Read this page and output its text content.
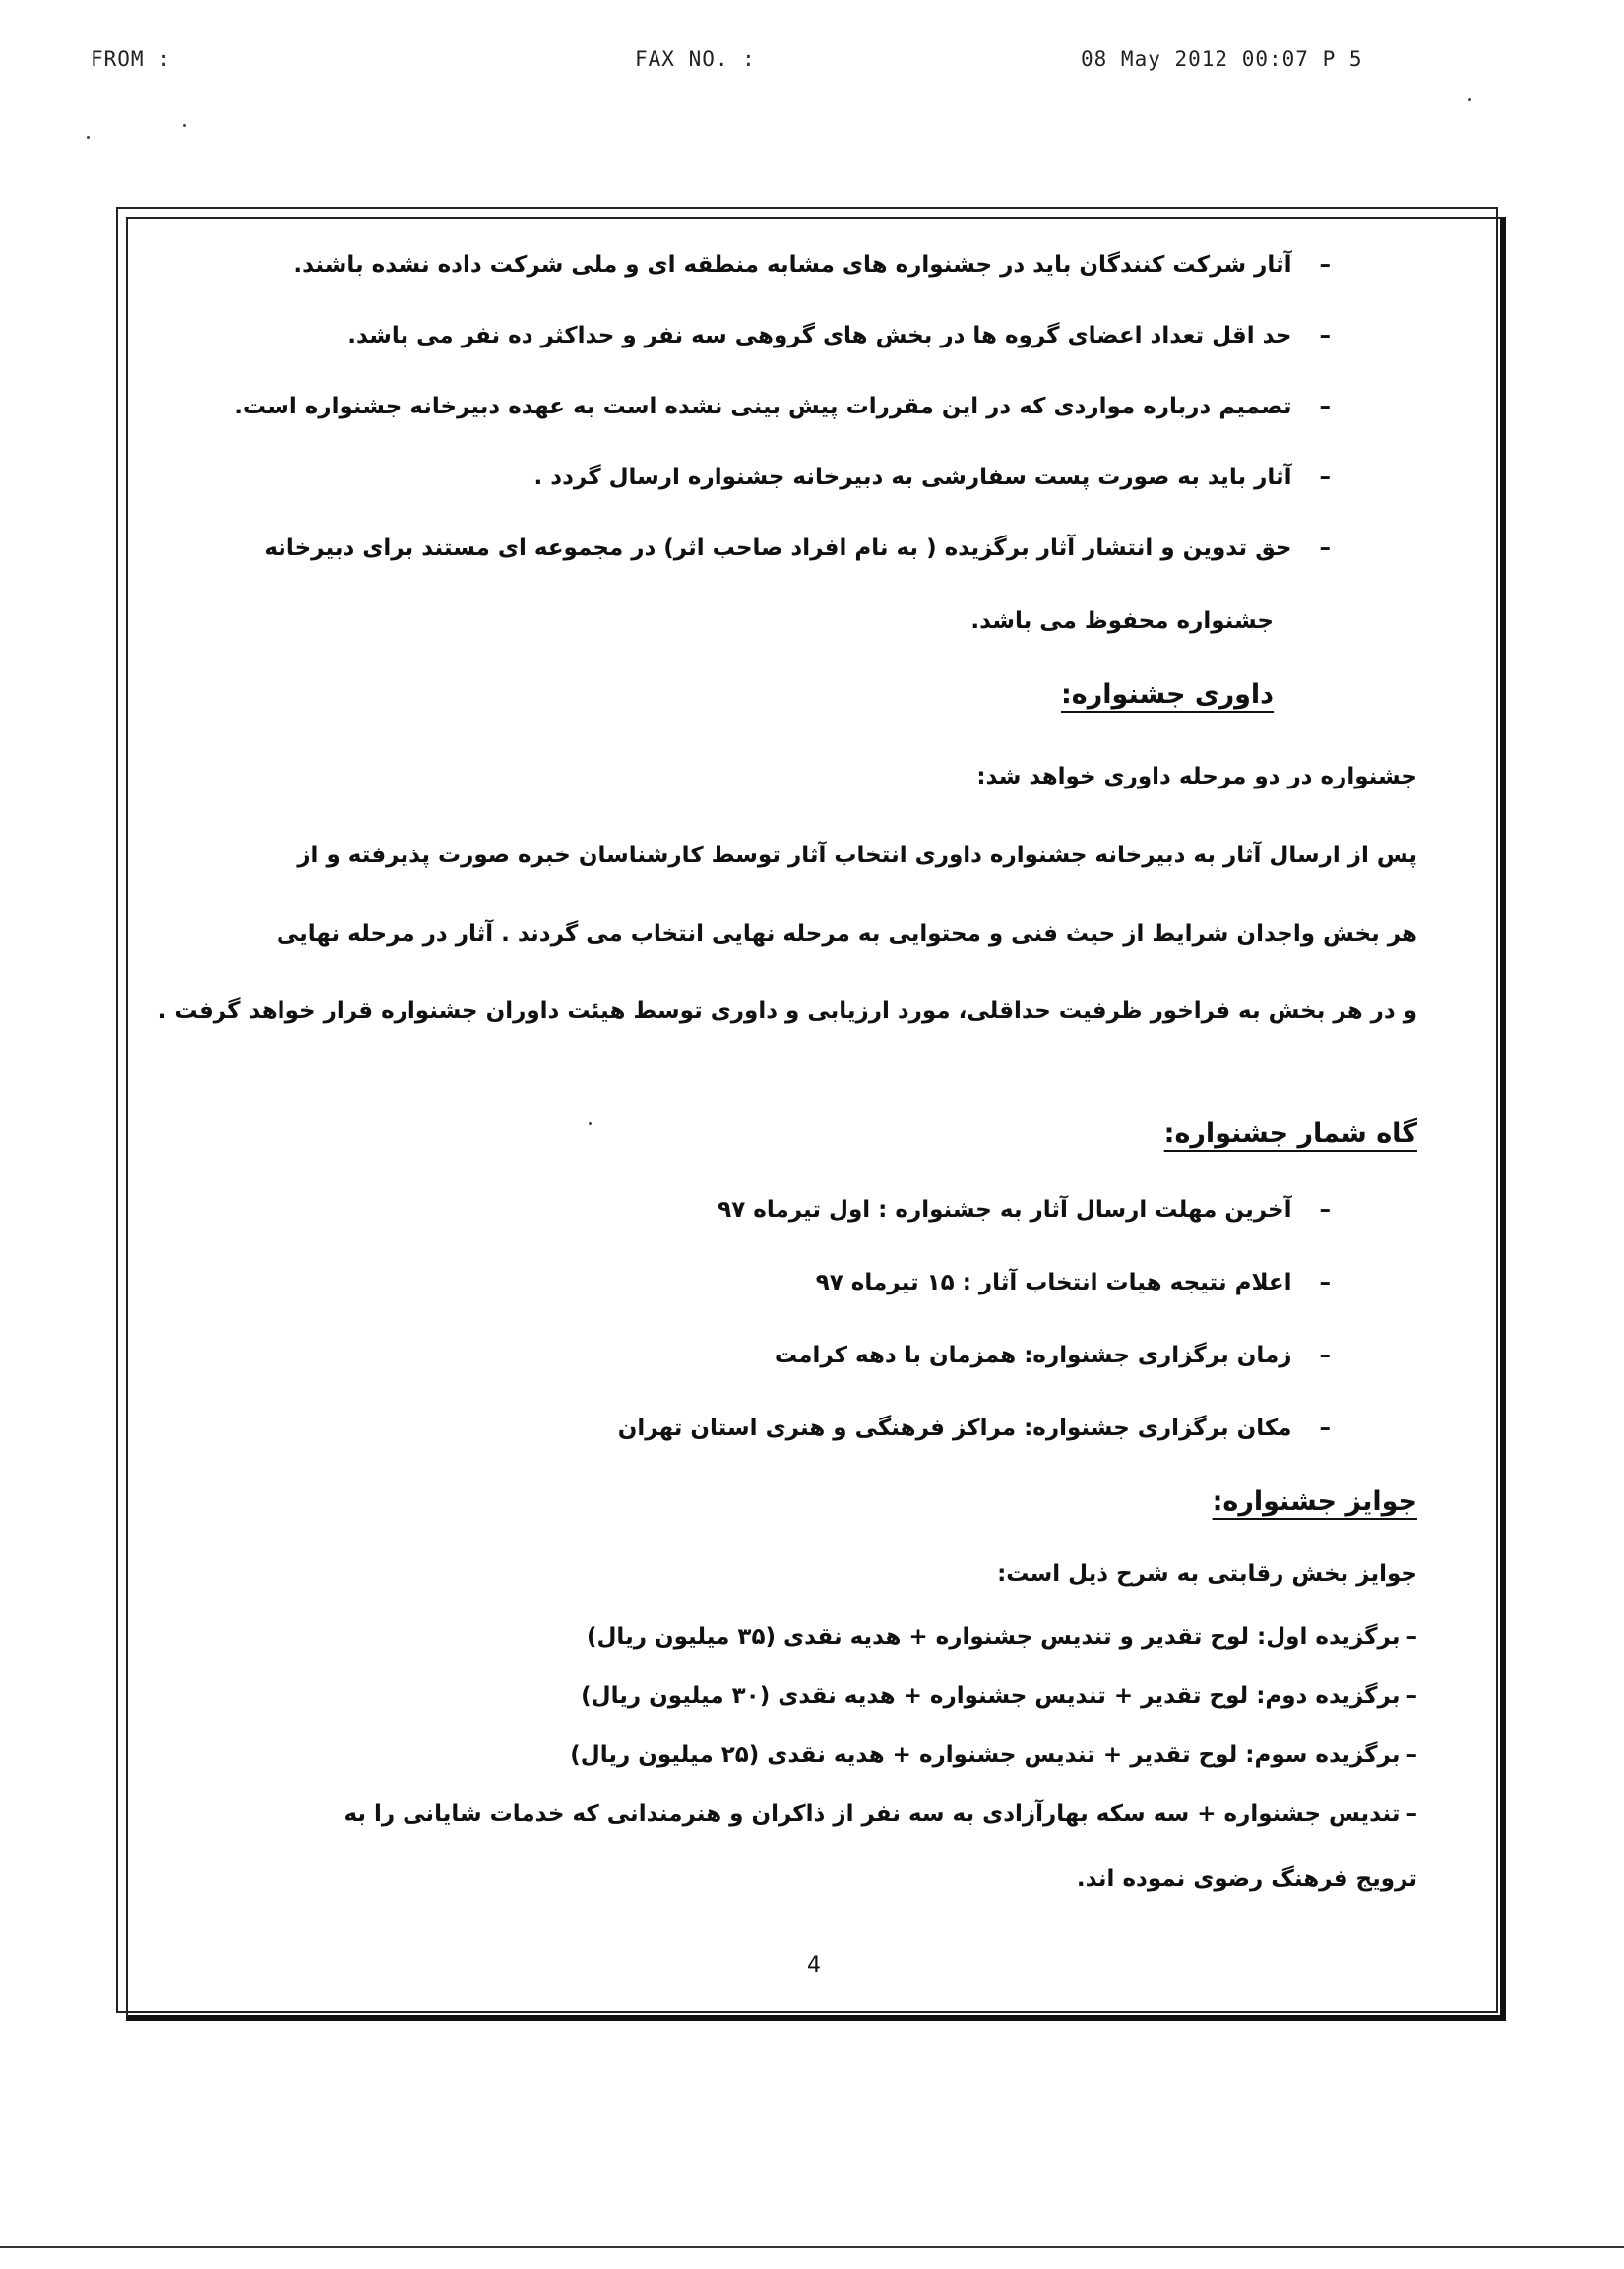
FROM :	FAX NO. :	08 May 2012 00:07 P 5
–آثار شرکت کنندگان باید در جشنواره های مشابه منطقه ای و ملی شرکت داده نشده باشند.
–حد اقل تعداد اعضای گروه ها در بخش های گروهی سه نفر و حداکثر ده نفر می باشد.
–تصمیم درباره مواردی که در این مقررات پیش بینی نشده است به عهده دبیرخانه جشنواره است.
–آثار باید به صورت پست سفارشی به دبیرخانه جشنواره ارسال گردد .
–حق تدوین و انتشار آثار برگزیده ( به نام افراد صاحب اثر) در مجموعه ای مستند برای دبیرخانه
جشنواره محفوظ می باشد.
داوری جشنواره:
جشنواره در دو مرحله داوری خواهد شد:
پس از ارسال آثار به دبیرخانه جشنواره داوری انتخاب آثار توسط کارشناسان خبره صورت پذیرفته و از
هر بخش واجدان شرایط از حیث فنی و محتوایی به مرحله نهایی انتخاب می گردند . آثار در مرحله نهایی
و در هر بخش به فراخور ظرفیت حداقلی، مورد ارزیابی و داوری توسط هیئت داوران جشنواره قرار خواهد گرفت .
گاه شمار جشنواره:
–آخرین مهلت ارسال آثار به جشنواره : اول تیرماه ۹۷
–اعلام نتیجه هیات انتخاب آثار : ۱۵ تیرماه ۹۷
–زمان برگزاری جشنواره: همزمان با دهه کرامت
–مکان برگزاری جشنواره: مراکز فرهنگی و هنری استان تهران
جوایز جشنواره:
جوایز بخش رقابتی به شرح ذیل است:
–برگزیده اول: لوح تقدیر و تندیس جشنواره + هدیه نقدی (۳۵ میلیون ریال)
–برگزیده دوم: لوح تقدیر + تندیس جشنواره + هدیه نقدی (۳۰ میلیون ریال)
–برگزیده سوم: لوح تقدیر + تندیس جشنواره + هدیه نقدی (۲۵ میلیون ریال)
–تندیس جشنواره + سه سکه بهارآزادی به سه نفر از ذاکران و هنرمندانی که خدمات شایانی را به
ترویج فرهنگ رضوی نموده اند.
4
